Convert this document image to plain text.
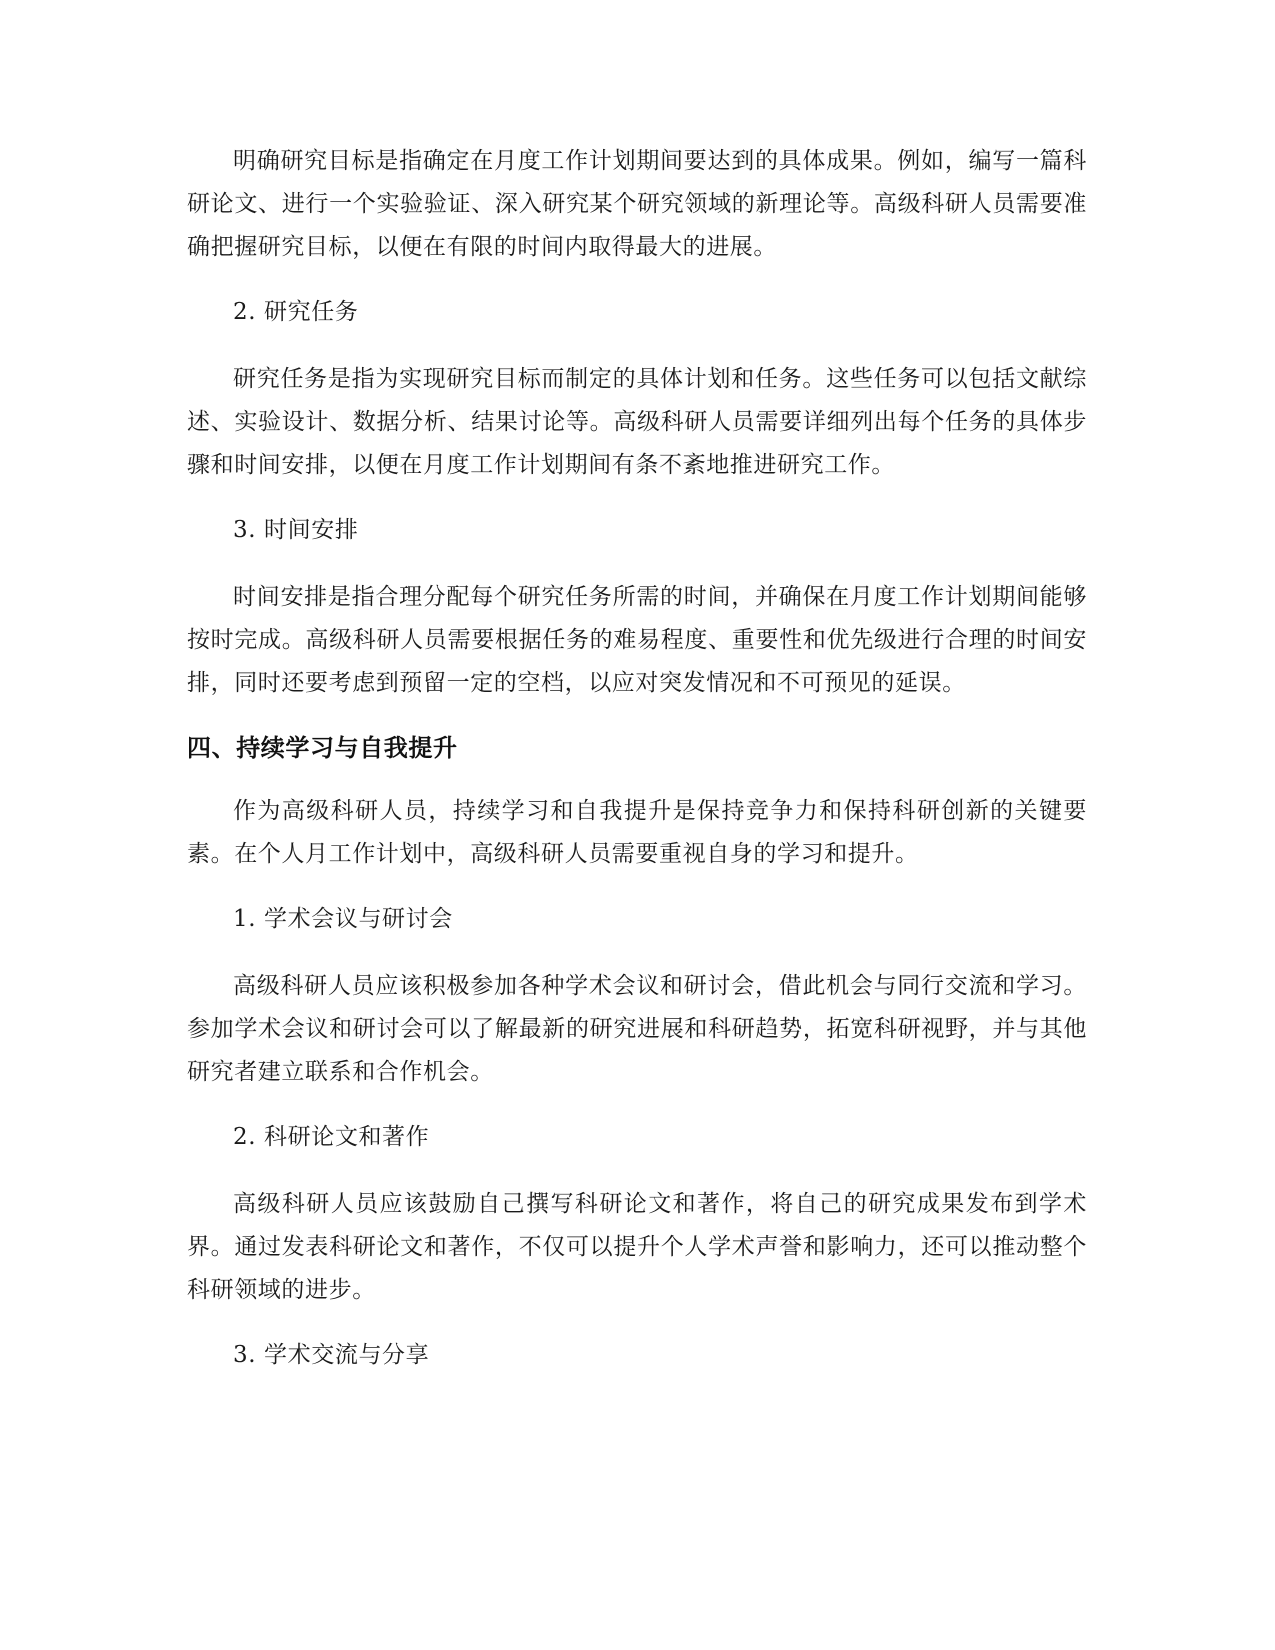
明确研究目标是指确定在月度工作计划期间要达到的具体成果。例如，编写一篇科研论文、进行一个实验验证、深入研究某个研究领域的新理论等。高级科研人员需要准确把握研究目标，以便在有限的时间内取得最大的进展。

2. 研究任务

研究任务是指为实现研究目标而制定的具体计划和任务。这些任务可以包括文献综述、实验设计、数据分析、结果讨论等。高级科研人员需要详细列出每个任务的具体步骤和时间安排，以便在月度工作计划期间有条不紊地推进研究工作。

3. 时间安排

时间安排是指合理分配每个研究任务所需的时间，并确保在月度工作计划期间能够按时完成。高级科研人员需要根据任务的难易程度、重要性和优先级进行合理的时间安排，同时还要考虑到预留一定的空档，以应对突发情况和不可预见的延误。

四、持续学习与自我提升

作为高级科研人员，持续学习和自我提升是保持竞争力和保持科研创新的关键要素。在个人月工作计划中，高级科研人员需要重视自身的学习和提升。

1. 学术会议与研讨会

高级科研人员应该积极参加各种学术会议和研讨会，借此机会与同行交流和学习。参加学术会议和研讨会可以了解最新的研究进展和科研趋势，拓宽科研视野，并与其他研究者建立联系和合作机会。

2. 科研论文和著作

高级科研人员应该鼓励自己撰写科研论文和著作，将自己的研究成果发布到学术界。通过发表科研论文和著作，不仅可以提升个人学术声誉和影响力，还可以推动整个科研领域的进步。

3. 学术交流与分享
